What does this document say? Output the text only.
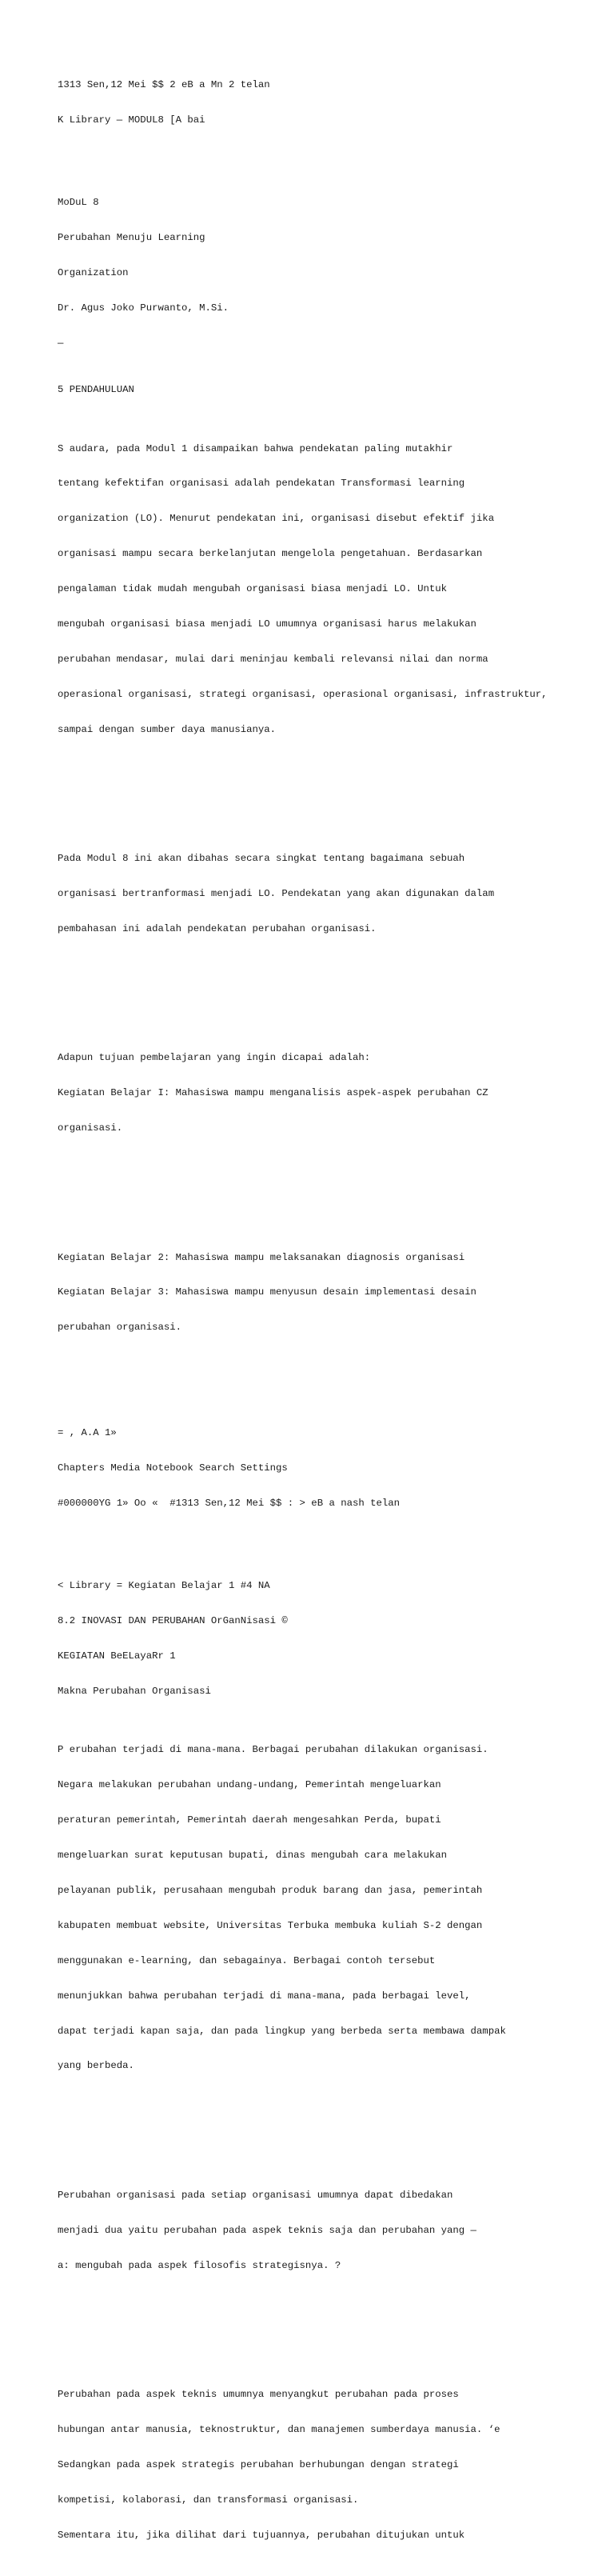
1313 Sen,12 Mei $$ 2 eB a Mn 2 telan

K Library — MODUL8 [A bai

MoDuL 8

Perubahan Menuju Learning

Organization

Dr. Agus Joko Purwanto, M.Si.

—

5 PENDAHULUAN

S audara, pada Modul 1 disampaikan bahwa pendekatan paling mutakhir

tentang kefektifan organisasi adalah pendekatan Transformasi learning

organization (LO). Menurut pendekatan ini, organisasi disebut efektif jika

organisasi mampu secara berkelanjutan mengelola pengetahuan. Berdasarkan

pengalaman tidak mudah mengubah organisasi biasa menjadi LO. Untuk

mengubah organisasi biasa menjadi LO umumnya organisasi harus melakukan

perubahan mendasar, mulai dari meninjau kembali relevansi nilai dan norma

operasional organisasi, strategi organisasi, operasional organisasi, infrastruktur,

sampai dengan sumber daya manusianya.

Pada Modul 8 ini akan dibahas secara singkat tentang bagaimana sebuah

organisasi bertranformasi menjadi LO. Pendekatan yang akan digunakan dalam

pembahasan ini adalah pendekatan perubahan organisasi.

Adapun tujuan pembelajaran yang ingin dicapai adalah:

Kegiatan Belajar I: Mahasiswa mampu menganalisis aspek-aspek perubahan CZ

organisasi.

Kegiatan Belajar 2: Mahasiswa mampu melaksanakan diagnosis organisasi

Kegiatan Belajar 3: Mahasiswa mampu menyusun desain implementasi desain

perubahan organisasi.

= , A.A 1»

Chapters Media Notebook Search Settings

#000000YG 1» Oo «  #1313 Sen,12 Mei $$ : > eB a nash telan

< Library = Kegiatan Belajar 1 #4 NA

8.2 INOVASI DAN PERUBAHAN OrGanNisasi ©

KEGIATAN BeELayaRr 1

Makna Perubahan Organisasi

P erubahan terjadi di mana-mana. Berbagai perubahan dilakukan organisasi.

Negara melakukan perubahan undang-undang, Pemerintah mengeluarkan

peraturan pemerintah, Pemerintah daerah mengesahkan Perda, bupati

mengeluarkan surat keputusan bupati, dinas mengubah cara melakukan

pelayanan publik, perusahaan mengubah produk barang dan jasa, pemerintah

kabupaten membuat website, Universitas Terbuka membuka kuliah S-2 dengan

menggunakan e-learning, dan sebagainya. Berbagai contoh tersebut

menunjukkan bahwa perubahan terjadi di mana-mana, pada berbagai level,

dapat terjadi kapan saja, dan pada lingkup yang berbeda serta membawa dampak

yang berbeda.

Perubahan organisasi pada setiap organisasi umumnya dapat dibedakan

menjadi dua yaitu perubahan pada aspek teknis saja dan perubahan yang —

a: mengubah pada aspek filosofis strategisnya. ?

Perubahan pada aspek teknis umumnya menyangkut perubahan pada proses

hubungan antar manusia, teknostruktur, dan manajemen sumberdaya manusia. ‘e

Sedangkan pada aspek strategis perubahan berhubungan dengan strategi

kompetisi, kolaborasi, dan transformasi organisasi.

Sementara itu, jika dilihat dari tujuannya, perubahan ditujukan untuk
